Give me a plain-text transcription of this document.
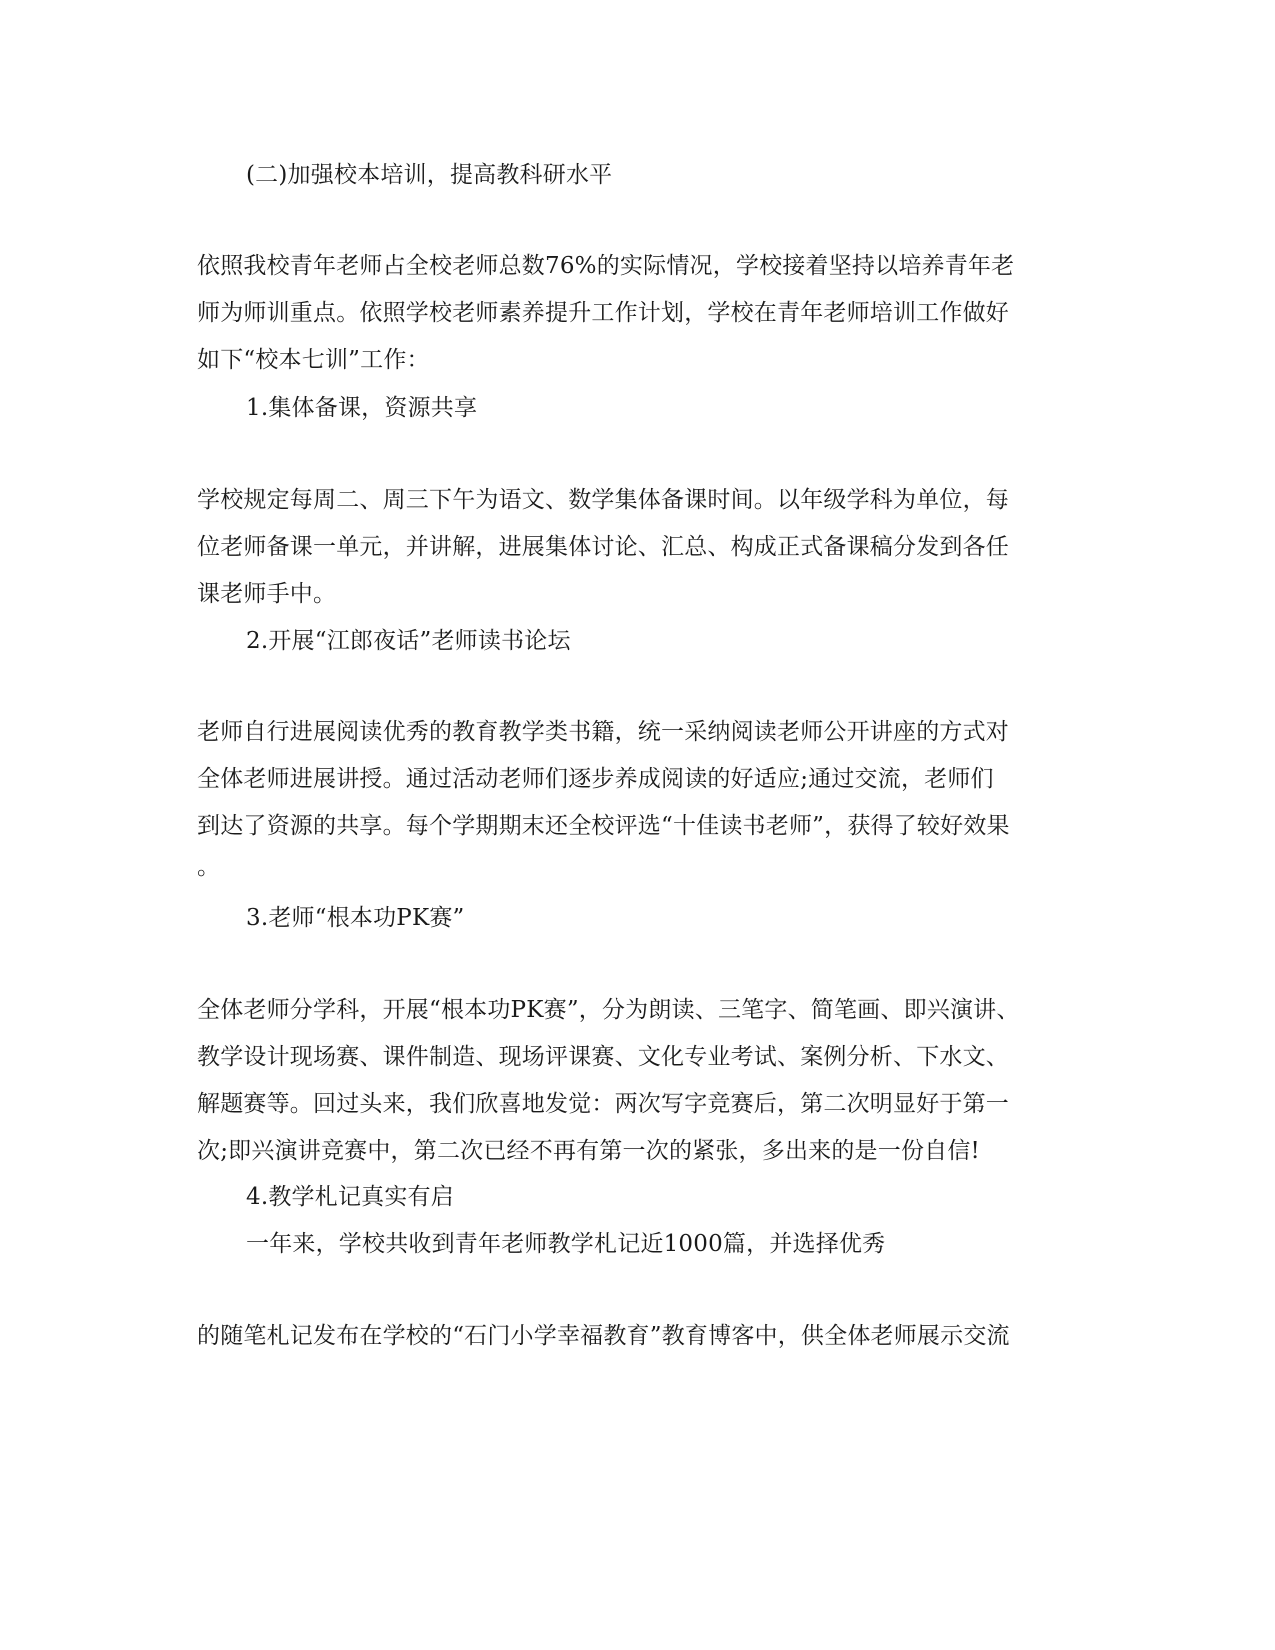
(二)加强校本培训，提高教科研水平
依照我校青年老师占全校老师总数76%的实际情况，学校接着坚持以培养青年老
师为师训重点。依照学校老师素养提升工作计划，学校在青年老师培训工作做好
如下“校本七训”工作：
1.集体备课，资源共享
学校规定每周二、周三下午为语文、数学集体备课时间。以年级学科为单位，每
位老师备课一单元，并讲解，进展集体讨论、汇总、构成正式备课稿分发到各任
课老师手中。
2.开展“江郎夜话”老师读书论坛
老师自行进展阅读优秀的教育教学类书籍，统一采纳阅读老师公开讲座的方式对
全体老师进展讲授。通过活动老师们逐步养成阅读的好适应;通过交流，老师们
到达了资源的共享。每个学期期末还全校评选“十佳读书老师”，获得了较好效果
。
3.老师“根本功PK赛”
全体老师分学科，开展“根本功PK赛”，分为朗读、三笔字、简笔画、即兴演讲、
教学设计现场赛、课件制造、现场评课赛、文化专业考试、案例分析、下水文、
解题赛等。回过头来，我们欣喜地发觉：两次写字竞赛后，第二次明显好于第一
次;即兴演讲竞赛中，第二次已经不再有第一次的紧张，多出来的是一份自信!
4.教学札记真实有启
一年来，学校共收到青年老师教学札记近1000篇，并选择优秀
的随笔札记发布在学校的“石门小学幸福教育”教育博客中，供全体老师展示交流
